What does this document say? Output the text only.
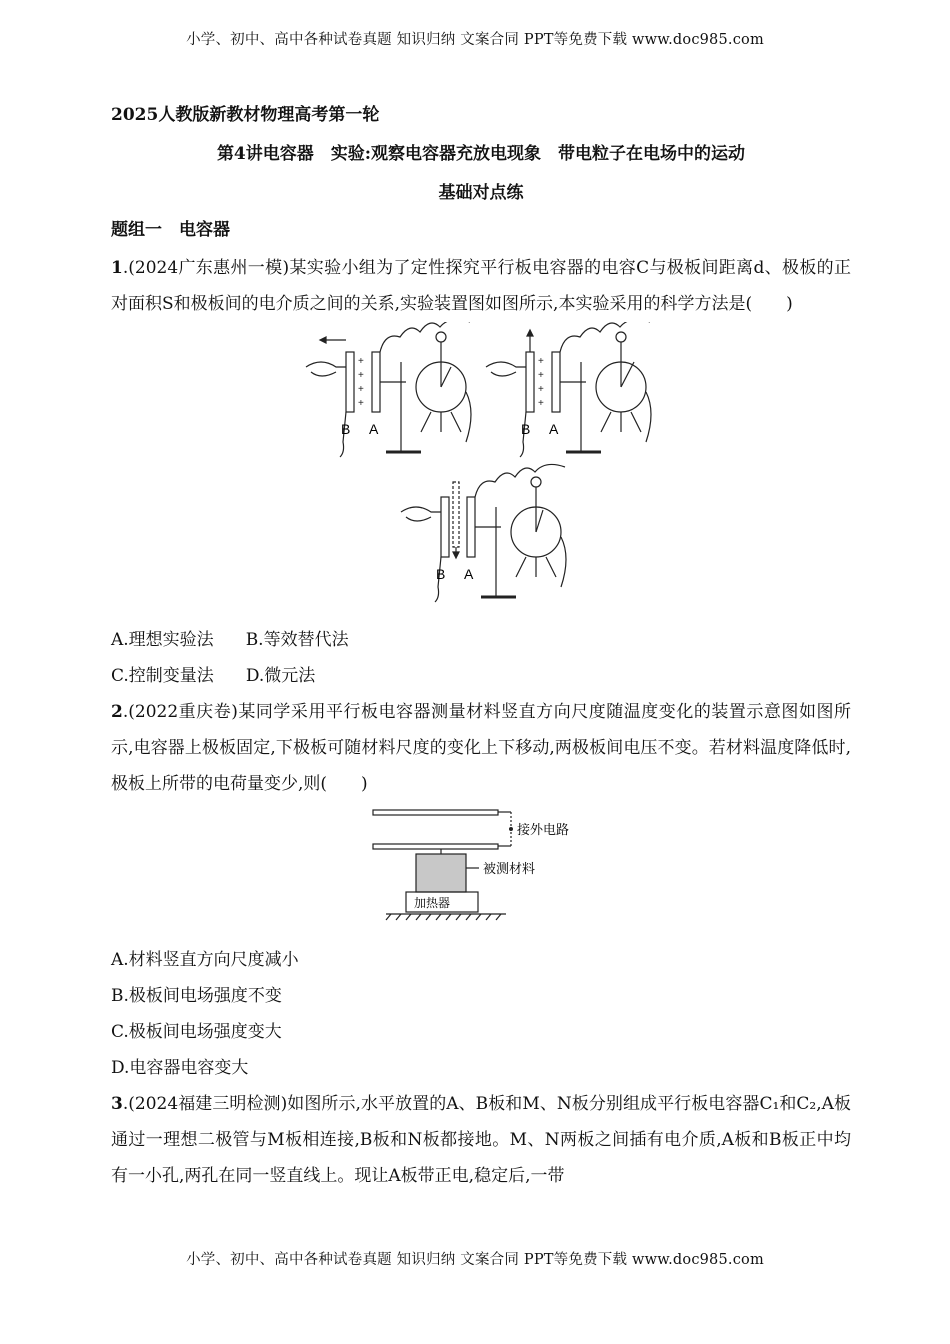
小学、初中、高中各种试卷真题 知识归纳 文案合同 PPT等免费下载 www.doc985.com
2025人教版新教材物理高考第一轮
第4讲电容器　实验:观察电容器充放电现象　带电粒子在电场中的运动
基础对点练
题组一　电容器
1.(2024广东惠州一模)某实验小组为了定性探究平行板电容器的电容C与极板间距离d、极板的正对面积S和极板间的电介质之间的关系,实验装置图如图所示,本实验采用的科学方法是(　　)
+
+
+
+
+
+
+
+
B A	B A
B A
A.理想实验法 B.等效替代法
C.控制变量法 D.微元法
2.(2022重庆卷)某同学采用平行板电容器测量材料竖直方向尺度随温度变化的装置示意图如图所示,电容器上极板固定,下极板可随材料尺度的变化上下移动,两极板间电压不变。若材料温度降低时,极板上所带的电荷量变少,则(　　)
接外电路
被测材料
加热器
A.材料竖直方向尺度减小
B.极板间电场强度不变
C.极板间电场强度变大
D.电容器电容变大
3.(2024福建三明检测)如图所示,水平放置的A、B板和M、N板分别组成平行板电容器C₁和C₂,A板通过一理想二极管与M板相连接,B板和N板都接地。M、N两板之间插有电介质,A板和B板正中均有一小孔,两孔在同一竖直线上。现让A板带正电,稳定后,一带
小学、初中、高中各种试卷真题 知识归纳 文案合同 PPT等免费下载 www.doc985.com
